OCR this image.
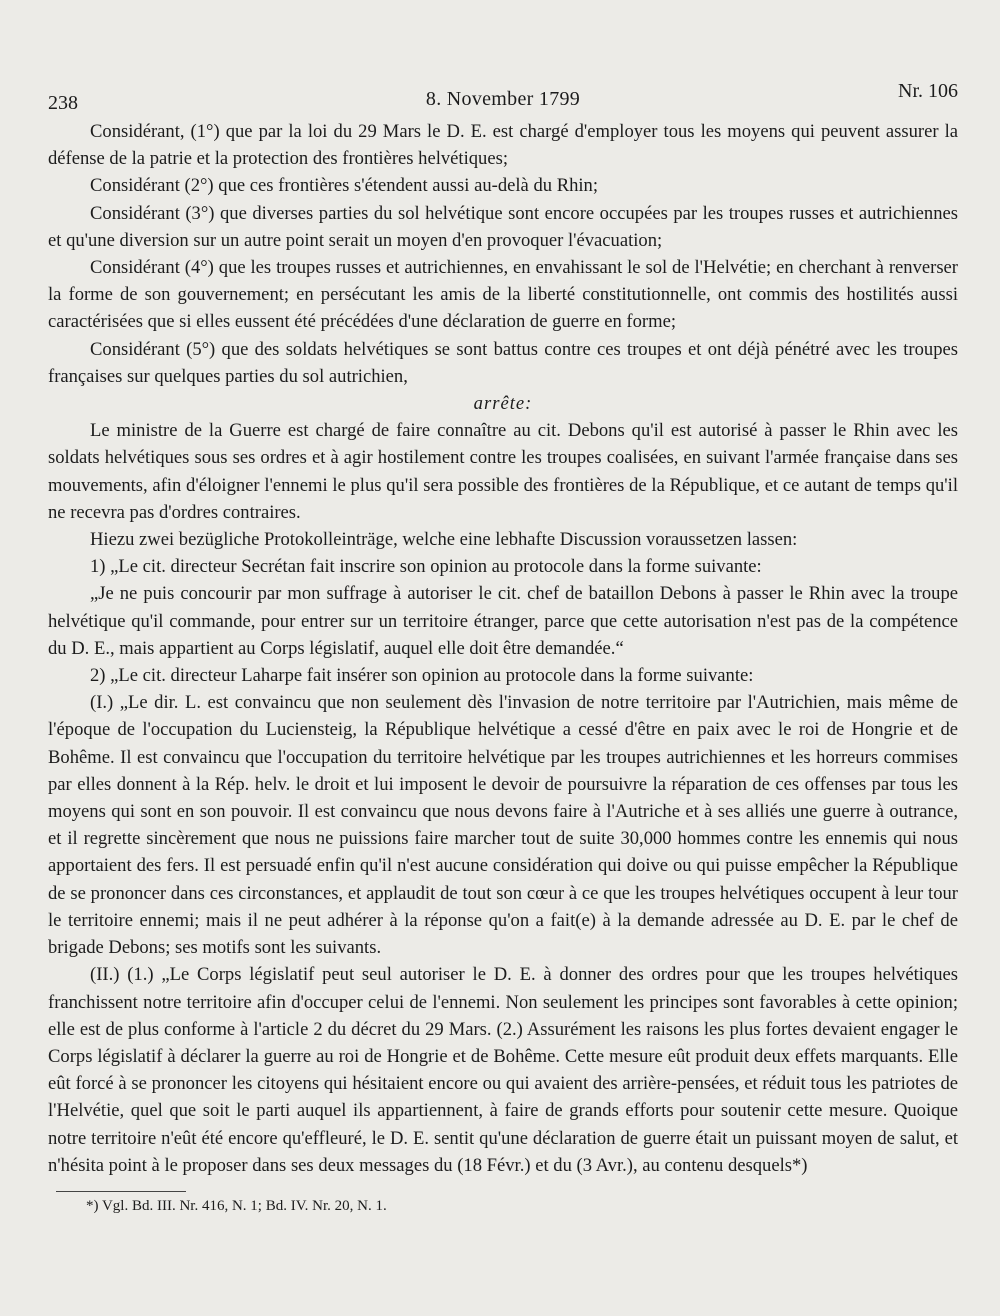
238	8. November 1799	Nr. 106

Considérant, (1°) que par la loi du 29 Mars le D. E. est chargé d'employer tous les moyens qui peuvent assurer la défense de la patrie et la protection des frontières helvétiques;

Considérant (2°) que ces frontières s'étendent aussi au-delà du Rhin;

Considérant (3°) que diverses parties du sol helvétique sont encore occupées par les troupes russes et autrichiennes et qu'une diversion sur un autre point serait un moyen d'en provoquer l'évacuation;

Considérant (4°) que les troupes russes et autrichiennes, en envahissant le sol de l'Helvétie; en cherchant à renverser la forme de son gouvernement; en persécutant les amis de la liberté constitutionnelle, ont commis des hostilités aussi caractérisées que si elles eussent été précédées d'une déclaration de guerre en forme;

Considérant (5°) que des soldats helvétiques se sont battus contre ces troupes et ont déjà pénétré avec les troupes françaises sur quelques parties du sol autrichien,

arrête:

Le ministre de la Guerre est chargé de faire connaître au cit. Debons qu'il est autorisé à passer le Rhin avec les soldats helvétiques sous ses ordres et à agir hostilement contre les troupes coalisées, en suivant l'armée française dans ses mouvements, afin d'éloigner l'ennemi le plus qu'il sera possible des frontières de la République, et ce autant de temps qu'il ne recevra pas d'ordres contraires.

Hiezu zwei bezügliche Protokolleinträge, welche eine lebhafte Discussion voraussetzen lassen:

1) „Le cit. directeur Secrétan fait inscrire son opinion au protocole dans la forme suivante:

„Je ne puis concourir par mon suffrage à autoriser le cit. chef de bataillon Debons à passer le Rhin avec la troupe helvétique qu'il commande, pour entrer sur un territoire étranger, parce que cette autorisation n'est pas de la compétence du D. E., mais appartient au Corps législatif, auquel elle doit être demandée.“

2) „Le cit. directeur Laharpe fait insérer son opinion au protocole dans la forme suivante:

(I.) „Le dir. L. est convaincu que non seulement dès l'invasion de notre territoire par l'Autrichien, mais même de l'époque de l'occupation du Luciensteig, la République helvétique a cessé d'être en paix avec le roi de Hongrie et de Bohême. Il est convaincu que l'occupation du territoire helvétique par les troupes autrichiennes et les horreurs commises par elles donnent à la Rép. helv. le droit et lui imposent le devoir de poursuivre la réparation de ces offenses par tous les moyens qui sont en son pouvoir. Il est convaincu que nous devons faire à l'Autriche et à ses alliés une guerre à outrance, et il regrette sincèrement que nous ne puissions faire marcher tout de suite 30,000 hommes contre les ennemis qui nous apportaient des fers. Il est persuadé enfin qu'il n'est aucune considération qui doive ou qui puisse empêcher la République de se prononcer dans ces circonstances, et applaudit de tout son cœur à ce que les troupes helvétiques occupent à leur tour le territoire ennemi; mais il ne peut adhérer à la réponse qu'on a fait(e) à la demande adressée au D. E. par le chef de brigade Debons; ses motifs sont les suivants.

(II.) (1.) „Le Corps législatif peut seul autoriser le D. E. à donner des ordres pour que les troupes helvétiques franchissent notre territoire afin d'occuper celui de l'ennemi. Non seulement les principes sont favorables à cette opinion; elle est de plus conforme à l'article 2 du décret du 29 Mars. (2.) Assurément les raisons les plus fortes devaient engager le Corps législatif à déclarer la guerre au roi de Hongrie et de Bohême. Cette mesure eût produit deux effets marquants. Elle eût forcé à se prononcer les citoyens qui hésitaient encore ou qui avaient des arrière-pensées, et réduit tous les patriotes de l'Helvétie, quel que soit le parti auquel ils appartiennent, à faire de grands efforts pour soutenir cette mesure. Quoique notre territoire n'eût été encore qu'effleuré, le D. E. sentit qu'une déclaration de guerre était un puissant moyen de salut, et n'hésita point à le proposer dans ses deux messages du (18 Févr.) et du (3 Avr.), au contenu desquels*)

*) Vgl. Bd. III. Nr. 416, N. 1; Bd. IV. Nr. 20, N. 1.
